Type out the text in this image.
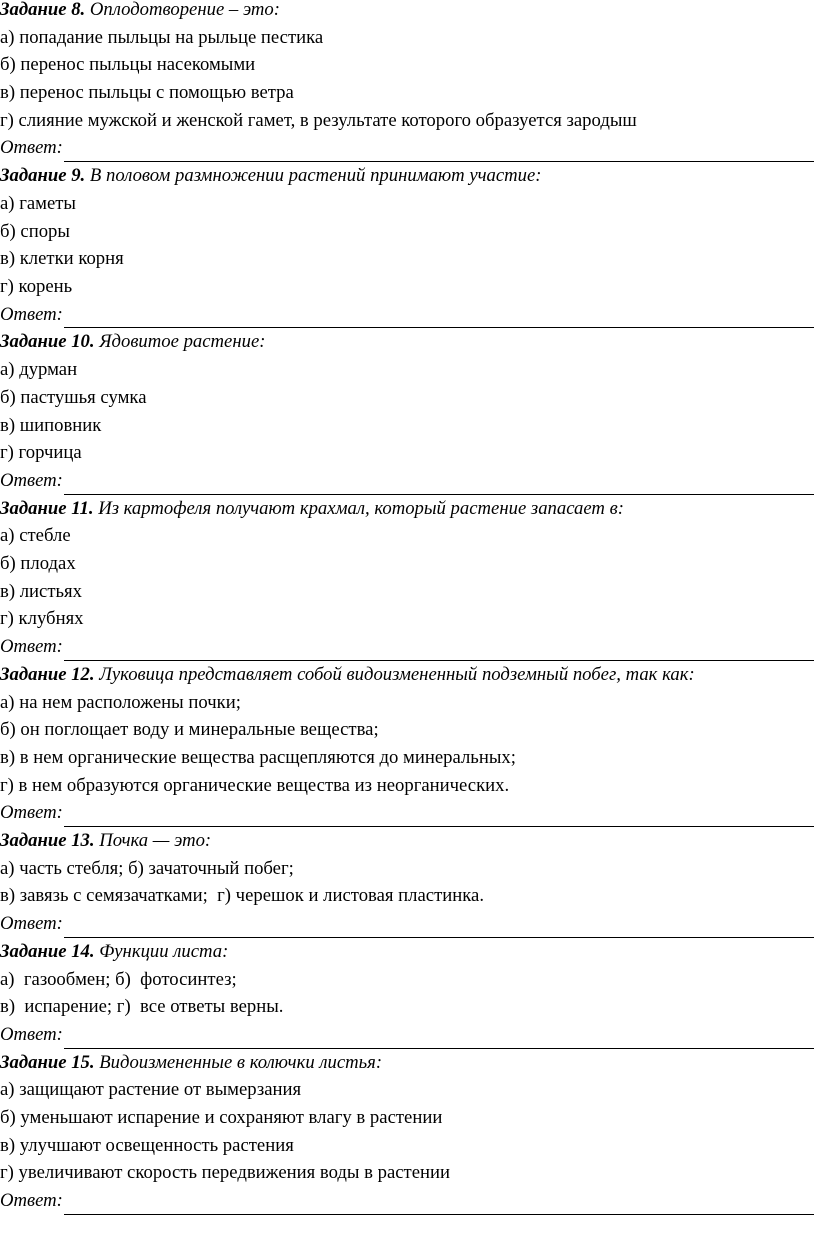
Задание 8. Оплодотворение – это:
а) попадание пыльцы на рыльце пестика
б) перенос пыльцы насекомыми
в) перенос пыльцы с помощью ветра
г) слияние мужской и женской гамет, в результате которого образуется зародыш
Ответ:
Задание 9. В половом размножении растений принимают участие:
а) гаметы
б) споры
в) клетки корня
г) корень
Ответ:
Задание 10. Ядовитое растение:
а) дурман
б) пастушья сумка
в) шиповник
г) горчица
Ответ:
Задание 11. Из картофеля получают крахмал, который растение запасает в:
а) стебле
б) плодах
в) листьях
г) клубнях
Ответ:
Задание 12. Луковица представляет собой видоизмененный подземный побег, так как:
а) на нем расположены почки;
б) он поглощает воду и минеральные вещества;
в) в нем органические вещества расщепляются до минеральных;
г) в нем образуются органические вещества из неорганических.
Ответ:
Задание 13. Почка — это:
а) часть стебля; б) зачаточный побег;
в) завязь с семязачатками;  г) черешок и листовая пластинка.
Ответ:
Задание 14. Функции листа:
а)  газообмен; б)  фотосинтез;
в)  испарение; г)  все ответы верны.
Ответ:
Задание 15. Видоизмененные в колючки листья:
а) защищают растение от вымерзания
б) уменьшают испарение и сохраняют влагу в растении
в) улучшают освещенность растения
г) увеличивают скорость передвижения воды в растении
Ответ:
